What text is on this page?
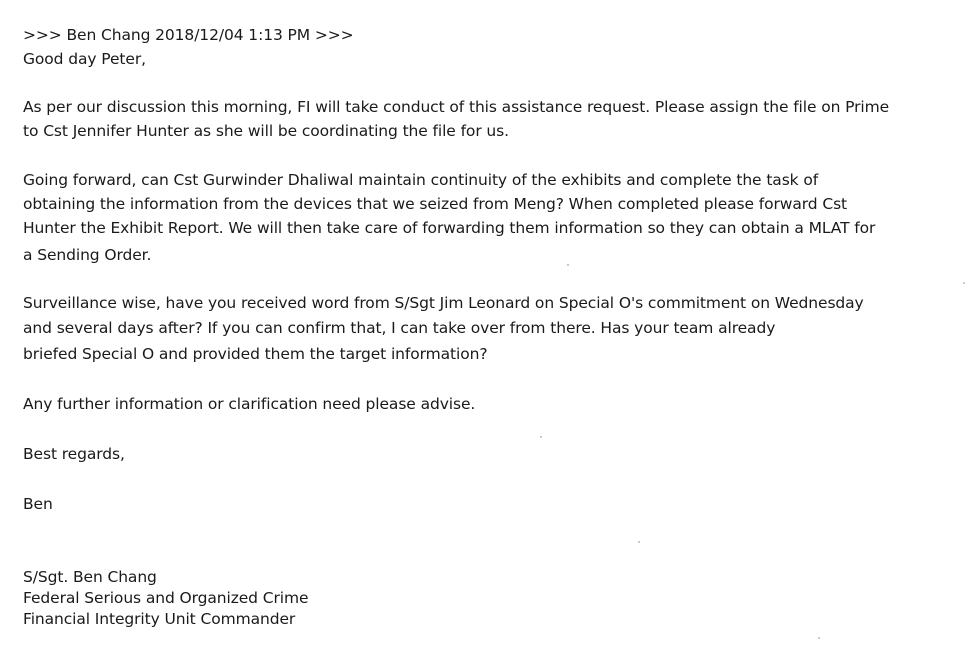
>>> Ben Chang 2018/12/04 1:13 PM >>>

Good day Peter,

As per our discussion this morning, FI will take conduct of this assistance request. Please assign the file on Prime

to Cst Jennifer Hunter as she will be coordinating the file for us.

Going forward, can Cst Gurwinder Dhaliwal maintain continuity of the exhibits and complete the task of

obtaining the information from the devices that we seized from Meng? When completed please forward Cst

Hunter the Exhibit Report. We will then take care of forwarding them information so they can obtain a MLAT for

a Sending Order.

Surveillance wise, have you received word from S/Sgt Jim Leonard on Special O's commitment on Wednesday

and several days after? If you can confirm that, I can take over from there. Has your team already

briefed Special O and provided them the target information?

Any further information or clarification need please advise.

Best regards,

Ben

S/Sgt. Ben Chang

Federal Serious and Organized Crime

Financial Integrity Unit Commander
